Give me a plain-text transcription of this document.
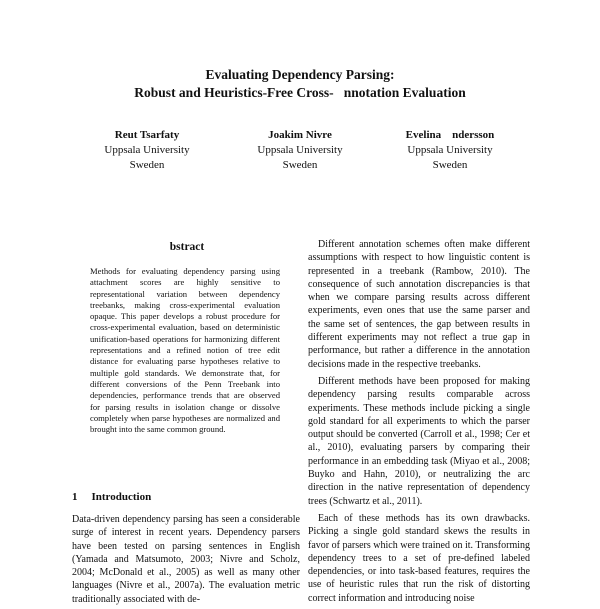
Evaluating Dependency Parsing:
Robust and Heuristics-Free Cross-   nnotation Evaluation
Reut Tsarfaty
Uppsala University
Sweden
Joakim Nivre
Uppsala University
Sweden
Evelina    ndersson
Uppsala University
Sweden
bstract
Methods for evaluating dependency parsing using attachment scores are highly sensitive to representational variation between dependency treebanks, making cross-experimental evaluation opaque. This paper develops a robust procedure for cross-experimental evaluation, based on deterministic unification-based operations for harmonizing different representations and a refined notion of tree edit distance for evaluating parse hypotheses relative to multiple gold standards. We demonstrate that, for different conversions of the Penn Treebank into dependencies, performance trends that are observed for parsing results in isolation change or dissolve completely when parse hypotheses are normalized and brought into the same common ground.
1 Introduction

Data-driven dependency parsing has seen a considerable surge of interest in recent years. Dependency parsers have been tested on parsing sentences in English (Yamada and Matsumoto, 2003; Nivre and Scholz, 2004; McDonald et al., 2005) as well as many other languages (Nivre et al., 2007a). The evaluation metric traditionally associated with de-

Different annotation schemes often make different assumptions with respect to how linguistic content is represented in a treebank (Rambow, 2010). The consequence of such annotation discrepancies is that when we compare parsing results across different experiments, even ones that use the same parser and the same set of sentences, the gap between results in different experiments may not reflect a true gap in performance, but rather a difference in the annotation decisions made in the respective treebanks.

Different methods have been proposed for making dependency parsing results comparable across experiments. These methods include picking a single gold standard for all experiments to which the parser output should be converted (Carroll et al., 1998; Cer et al., 2010), evaluating parsers by comparing their performance in an embedding task (Miyao et al., 2008; Buyko and Hahn, 2010), or neutralizing the arc direction in the native representation of dependency trees (Schwartz et al., 2011).

Each of these methods has its own drawbacks. Picking a single gold standard skews the results in favor of parsers which were trained on it. Transforming dependency trees to a set of pre-defined labeled dependencies, or into task-based features, requires the use of heuristic rules that run the risk of distorting correct information and introducing noise
